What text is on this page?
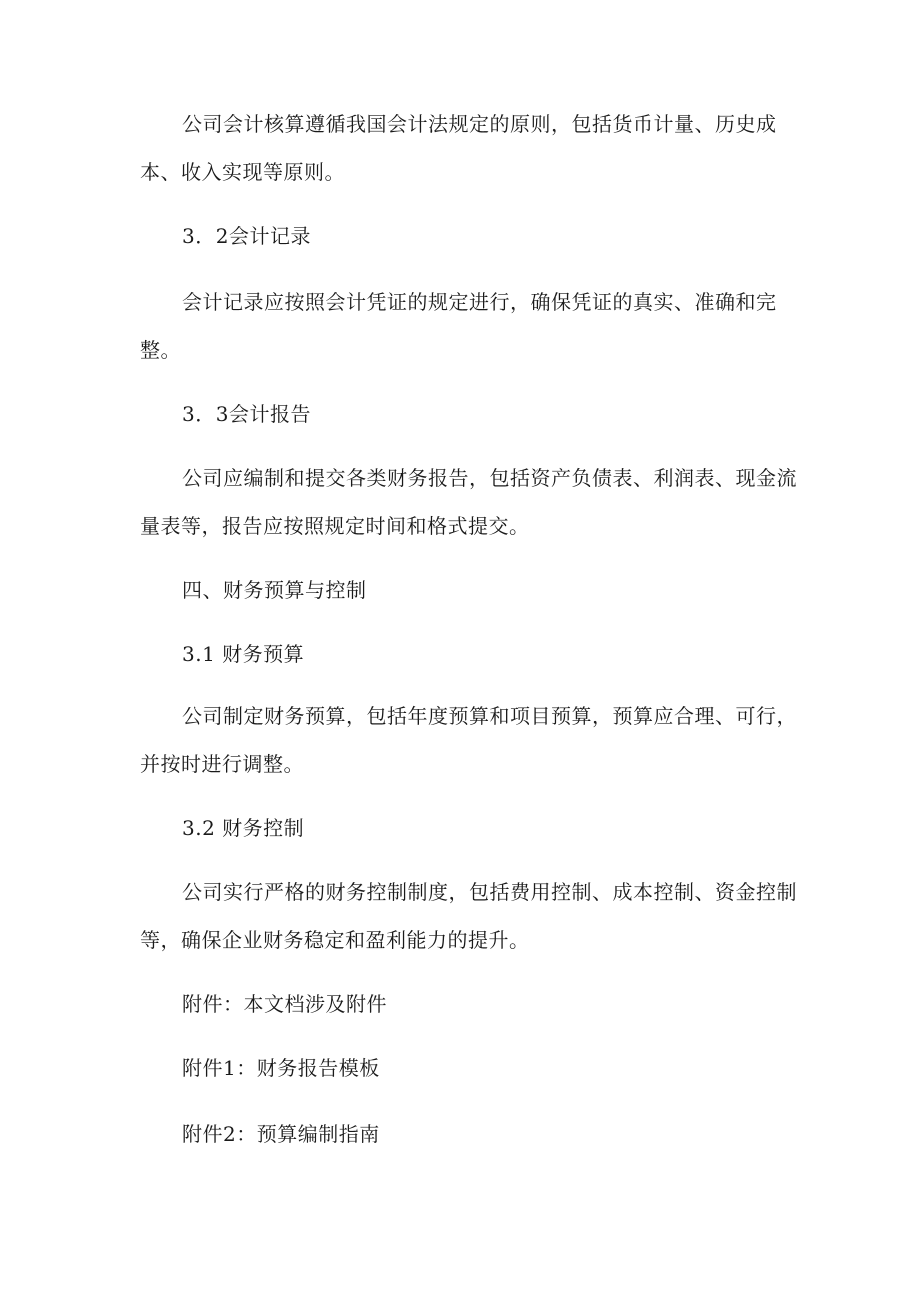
公司会计核算遵循我国会计法规定的原则，包括货币计量、历史成本、收入实现等原则。

3．2会计记录

会计记录应按照会计凭证的规定进行，确保凭证的真实、准确和完整。

3．3会计报告

公司应编制和提交各类财务报告，包括资产负债表、利润表、现金流量表等，报告应按照规定时间和格式提交。

四、财务预算与控制

3.1 财务预算

公司制定财务预算，包括年度预算和项目预算，预算应合理、可行，并按时进行调整。

3.2 财务控制

公司实行严格的财务控制制度，包括费用控制、成本控制、资金控制等，确保企业财务稳定和盈利能力的提升。

附件：本文档涉及附件

附件1：财务报告模板

附件2：预算编制指南
